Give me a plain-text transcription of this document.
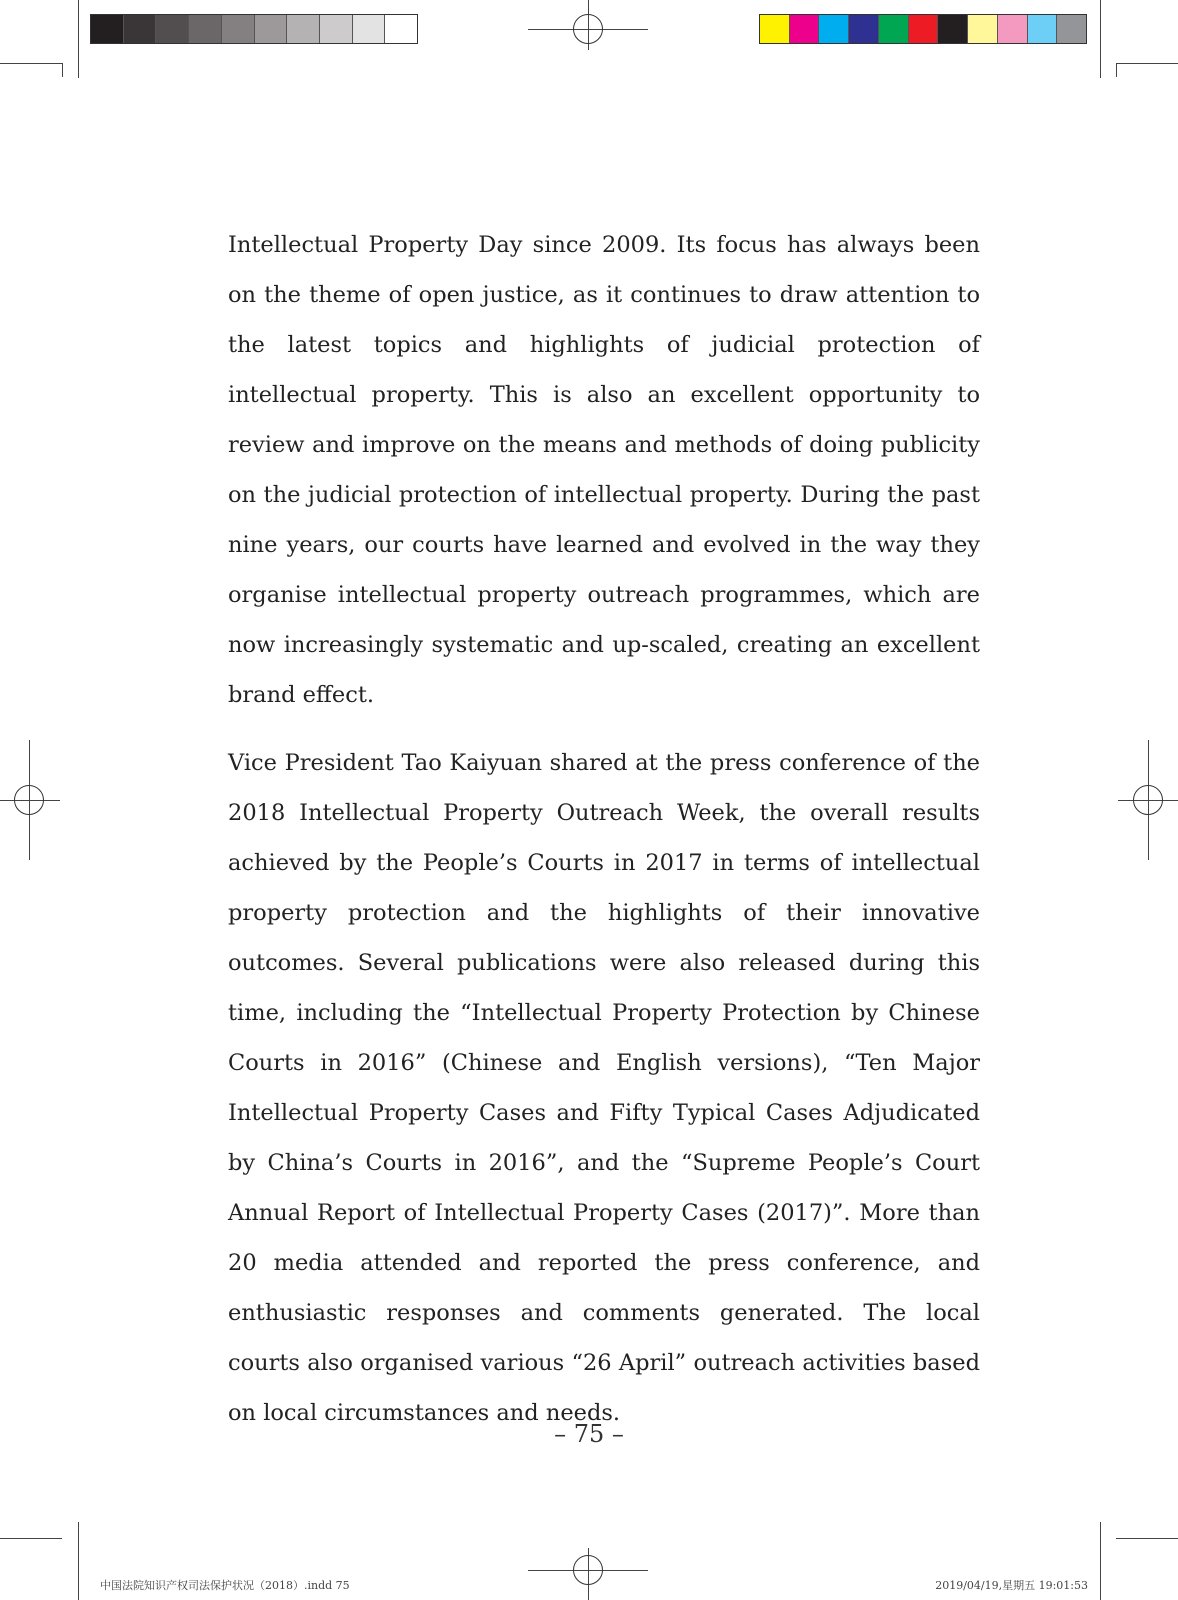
Intellectual Property Day since 2009. Its focus has always been on the theme of open justice, as it continues to draw attention to the latest topics and highlights of judicial protection of intellectual property. This is also an excellent opportunity to review and improve on the means and methods of doing publicity on the judicial protection of intellectual property. During the past nine years, our courts have learned and evolved in the way they organise intellectual property outreach programmes, which are now increasingly systematic and up-scaled, creating an excellent brand effect.

Vice President Tao Kaiyuan shared at the press conference of the 2018 Intellectual Property Outreach Week, the overall results achieved by the People’s Courts in 2017 in terms of intellectual property protection and the highlights of their innovative outcomes. Several publications were also released during this time, including the “Intellectual Property Protection by Chinese Courts in 2016” (Chinese and English versions), “Ten Major Intellectual Property Cases and Fifty Typical Cases Adjudicated by China’s Courts in 2016”, and the “Supreme People’s Court Annual Report of Intellectual Property Cases (2017)”. More than 20 media attended and reported the press conference, and enthusiastic responses and comments generated. The local courts also organised various “26 April” outreach activities based on local circumstances and needs.

– 75 –
中国法院知识产权司法保护状况（2018）.indd 75	2019/04/19,星期五 19:01:53
